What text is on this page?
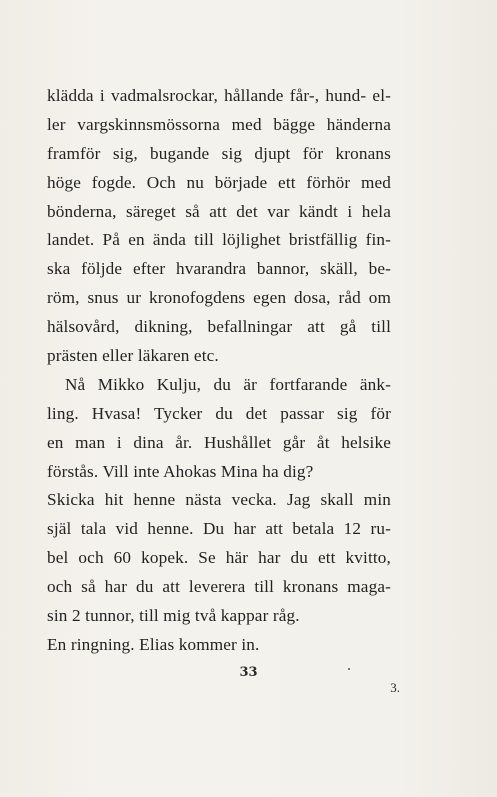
klädda i vadmalsrockar, hållande får-, hund- el-
ler vargskinnsmössorna med bägge händerna
framför sig, bugande sig djupt för kronans
höge fogde. Och nu började ett förhör med
bönderna, säreget så att det var kändt i hela
landet. På en ända till löjlighet bristfällig fin-
ska följde efter hvarandra bannor, skäll, be-
röm, snus ur kronofogdens egen dosa, råd om
hälsovård, dikning, befallningar att gå till
prästen eller läkaren etc.
Nå Mikko Kulju, du är fortfarande änk-
ling. Hvasa! Tycker du det passar sig för
en man i dina år. Hushållet går åt helsike
förstås. Vill inte Ahokas Mina ha dig?
Skicka hit henne nästa vecka. Jag skall min
själ tala vid henne. Du har att betala 12 ru-
bel och 60 kopek. Se här har du ett kvitto,
och så har du att leverera till kronans maga-
sin 2 tunnor, till mig två kappar råg.
En ringning. Elias kommer in.
33
3.
